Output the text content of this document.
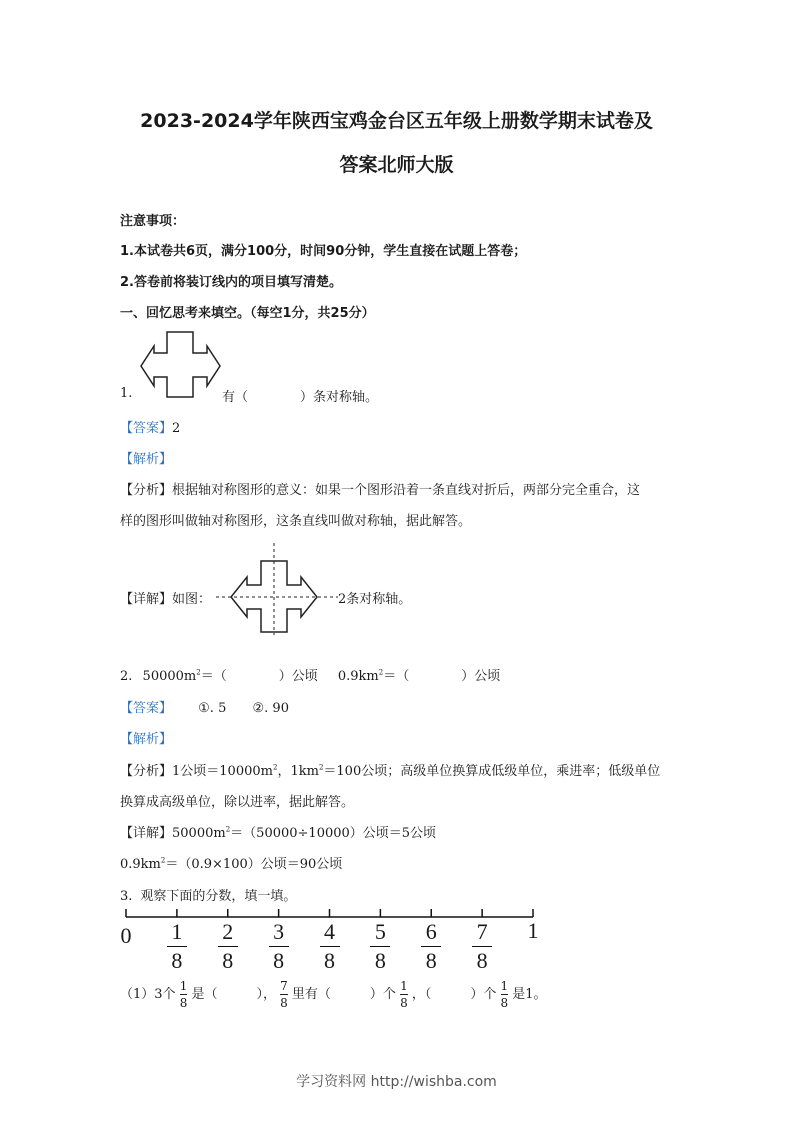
2023-2024学年陕西宝鸡金台区五年级上册数学期末试卷及
答案北师大版
注意事项：
1.本试卷共6页，满分100分，时间90分钟，学生直接在试题上答卷；
2.答卷前将装订线内的项目填写清楚。
一、回忆思考来填空。（每空1分，共25分）
1.	有（　　　　）条对称轴。
【答案】2
【解析】
【分析】根据轴对称图形的意义：如果一个图形沿着一条直线对折后，两部分完全重合，这
样的图形叫做轴对称图形，这条直线叫做对称轴，据此解答。
【详解】如图：	2条对称轴。
2. $50000m^2=$（　　　　）公顷 $0.9km^2=$（　　　　）公顷
【答案】 ①. 5 ②. 90
【解析】
【分析】1公顷$=10000m^2$，$1km^2=100$公顷；高级单位换算成低级单位，乘进率；低级单位
换算成高级单位，除以进率，据此解答。
【详解】$50000m^2=(50000\div 10000)$公顷＝5公顷
$0.9km^2=(0.9\times 100)$公顷＝90公顷
3. 观察下面的分数，填一填。
0 1
8
2
8
3
8
4
8
5
8
6
8
7
8
1
（1）3个 $\frac{1}{8}$ 是（　　　）， $\frac{7}{8}$ 里有（　　　）个 $\frac{1}{8}$ ，（　　　）个 $\frac{1}{8}$ 是1。
学习资料网 http://wishba.com
